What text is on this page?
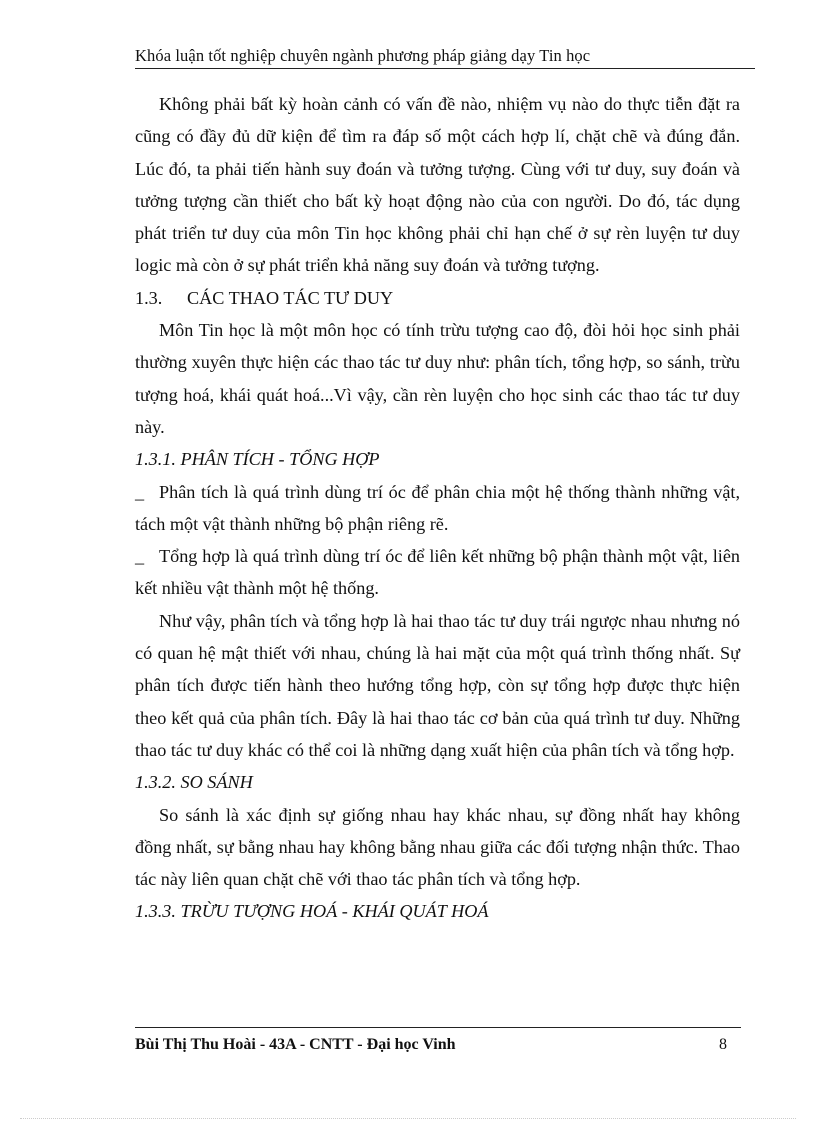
Khóa luận tốt nghiệp chuyên ngành phương pháp giảng dạy Tin học

Không phải bất kỳ hoàn cảnh có vấn đề nào, nhiệm vụ nào do thực tiễn đặt ra cũng có đầy đủ dữ kiện để tìm ra đáp số một cách hợp lí, chặt chẽ và đúng đắn. Lúc đó, ta phải tiến hành suy đoán và tưởng tượng. Cùng với tư duy, suy đoán và tưởng tượng cần thiết cho bất kỳ hoạt động nào của con người. Do đó, tác dụng phát triển tư duy của môn Tin học không phải chỉ hạn chế ở sự rèn luyện tư duy logic mà còn ở sự phát triển khả năng suy đoán và tưởng tượng.

1.3. CÁC THAO TÁC TƯ DUY

Môn Tin học là một môn học có tính trừu tượng cao độ, đòi hỏi học sinh phải thường xuyên thực hiện các thao tác tư duy như: phân tích, tổng hợp, so sánh, trừu tượng hoá, khái quát hoá...Vì vậy, cần rèn luyện cho học sinh các thao tác tư duy này.

1.3.1. PHÂN TÍCH - TỔNG HỢP

_ Phân tích là quá trình dùng trí óc để phân chia một hệ thống thành những vật, tách một vật thành những bộ phận riêng rẽ.

_ Tổng hợp là quá trình dùng trí óc để liên kết những bộ phận thành một vật, liên kết nhiều vật thành một hệ thống.

Như vậy, phân tích và tổng hợp là hai thao tác tư duy trái ngược nhau nhưng nó có quan hệ mật thiết với nhau, chúng là hai mặt của một quá trình thống nhất. Sự phân tích được tiến hành theo hướng tổng hợp, còn sự tổng hợp được thực hiện theo kết quả của phân tích. Đây là hai thao tác cơ bản của quá trình tư duy. Những thao tác tư duy khác có thể coi là những dạng xuất hiện của phân tích và tổng hợp.

1.3.2. SO SÁNH

So sánh là xác định sự giống nhau hay khác nhau, sự đồng nhất hay không đồng nhất, sự bằng nhau hay không bằng nhau giữa các đối tượng nhận thức. Thao tác này liên quan chặt chẽ với thao tác phân tích và tổng hợp.

1.3.3. TRỪU TƯỢNG HOÁ - KHÁI QUÁT HOÁ

Bùi Thị Thu Hoài - 43A - CNTT - Đại học Vinh	8
